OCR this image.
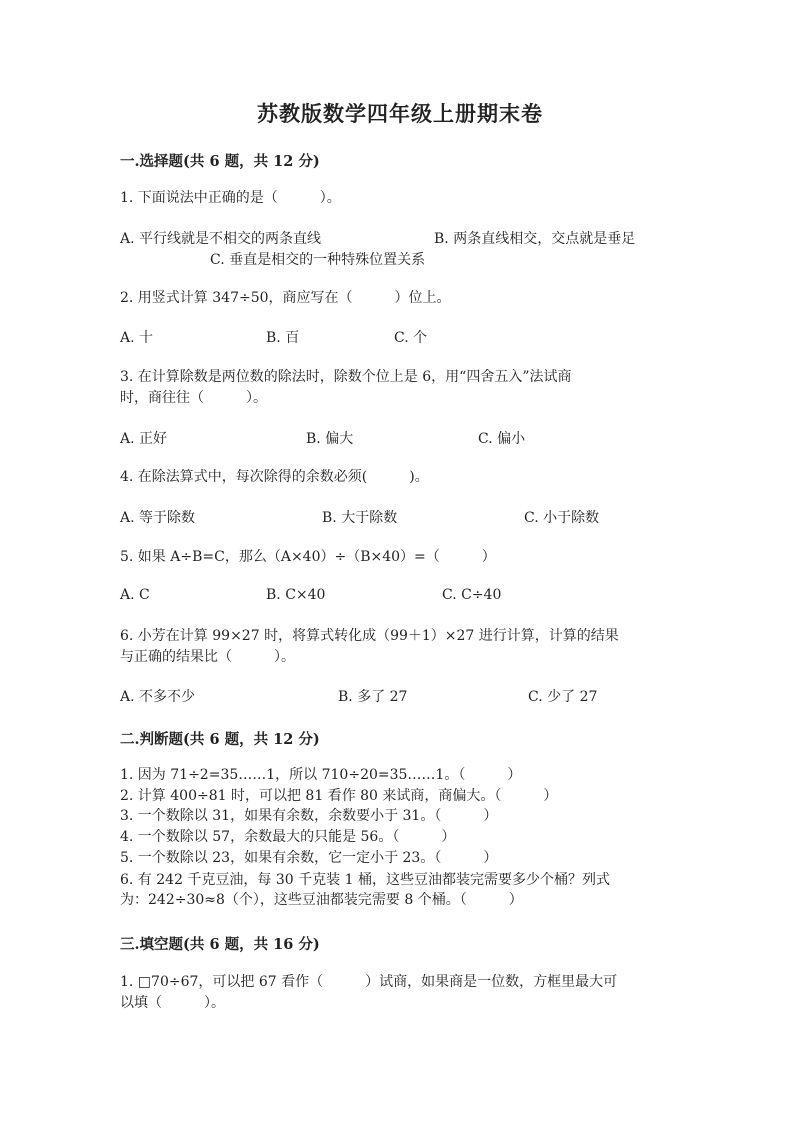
苏教版数学四年级上册期末卷
一.选择题(共 6 题，共 12 分)
1. 下面说法中正确的是（　　　）。
A. 平行线就是不相交的两条直线	B. 两条直线相交，交点就是垂足
C. 垂直是相交的一种特殊位置关系
2. 用竖式计算 347÷50，商应写在（　　　）位上。
A. 十	B. 百	C. 个
3. 在计算除数是两位数的除法时，除数个位上是 6，用“四舍五入”法试商
时，商往往（　　　）。
A. 正好	B. 偏大	C. 偏小
4. 在除法算式中，每次除得的余数必须(　　　)。
A. 等于除数	B. 大于除数	C. 小于除数
5. 如果 A÷B=C，那么（A×40）÷（B×40）=（　　　）
A. C	B. C×40	C. C÷40
6. 小芳在计算 99×27 时，将算式转化成（99＋1）×27 进行计算，计算的结果
与正确的结果比（　　　）。
A. 不多不少	B. 多了 27	C. 少了 27
二.判断题(共 6 题，共 12 分)
1. 因为 71÷2=35……1，所以 710÷20=35……1。（　　　）
2. 计算 400÷81 时，可以把 81 看作 80 来试商，商偏大。（　　　）
3. 一个数除以 31，如果有余数，余数要小于 31。（　　　）
4. 一个数除以 57，余数最大的只能是 56。（　　　）
5. 一个数除以 23，如果有余数，它一定小于 23。（　　　）
6. 有 242 千克豆油，每 30 千克装 1 桶，这些豆油都装完需要多少个桶？列式
为：242÷30≈8（个），这些豆油都装完需要 8 个桶。（　　　）
三.填空题(共 6 题，共 16 分)
1. □70÷67，可以把 67 看作（　　　）试商，如果商是一位数，方框里最大可
以填（　　　）。
